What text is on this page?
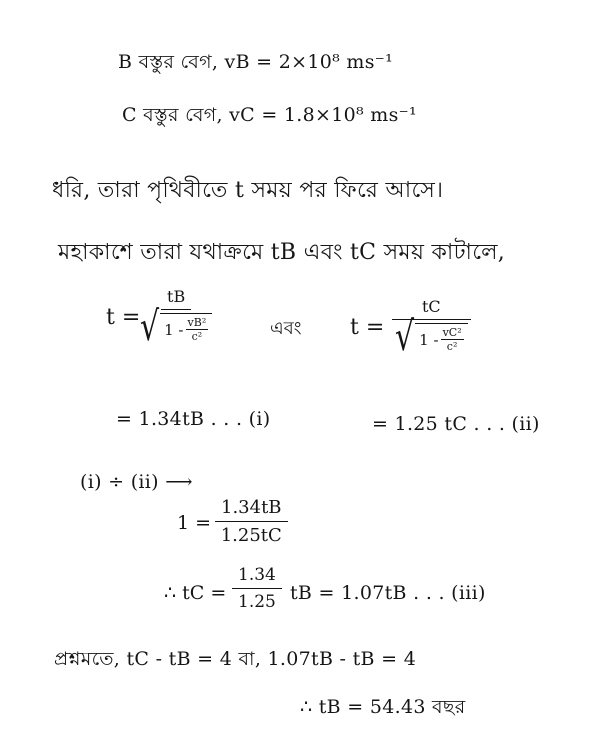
B বস্তুর বেগ, vB = 2×10⁸ ms⁻¹
C বস্তুর বেগ, vC = 1.8×10⁸ ms⁻¹
ধরি, তারা পৃথিবীতে t সময় পর ফিরে আসে।
মহাকাশে তারা যথাক্রমে tB এবং tC সময় কাটালে,
t =
tB
√ $1 - \frac{\text{vB²}}{\text{c²}}$	এবং t =
tC
√ $1 - \frac{\text{vC²}}{\text{c²}}$
= 1.34tB . . . (i)	= 1.25 tC . . . (ii)
(i) ÷ (ii) ⟶
$1 = \frac{1.34tB}{1.25tC}$
∴ tC = $\frac{1.34}{1.25}$ tB = 1.07tB . . . (iii)
প্রশ্নমতে, tC - tB = 4 বা, 1.07tB - tB = 4
∴ tB = 54.43 বছর
